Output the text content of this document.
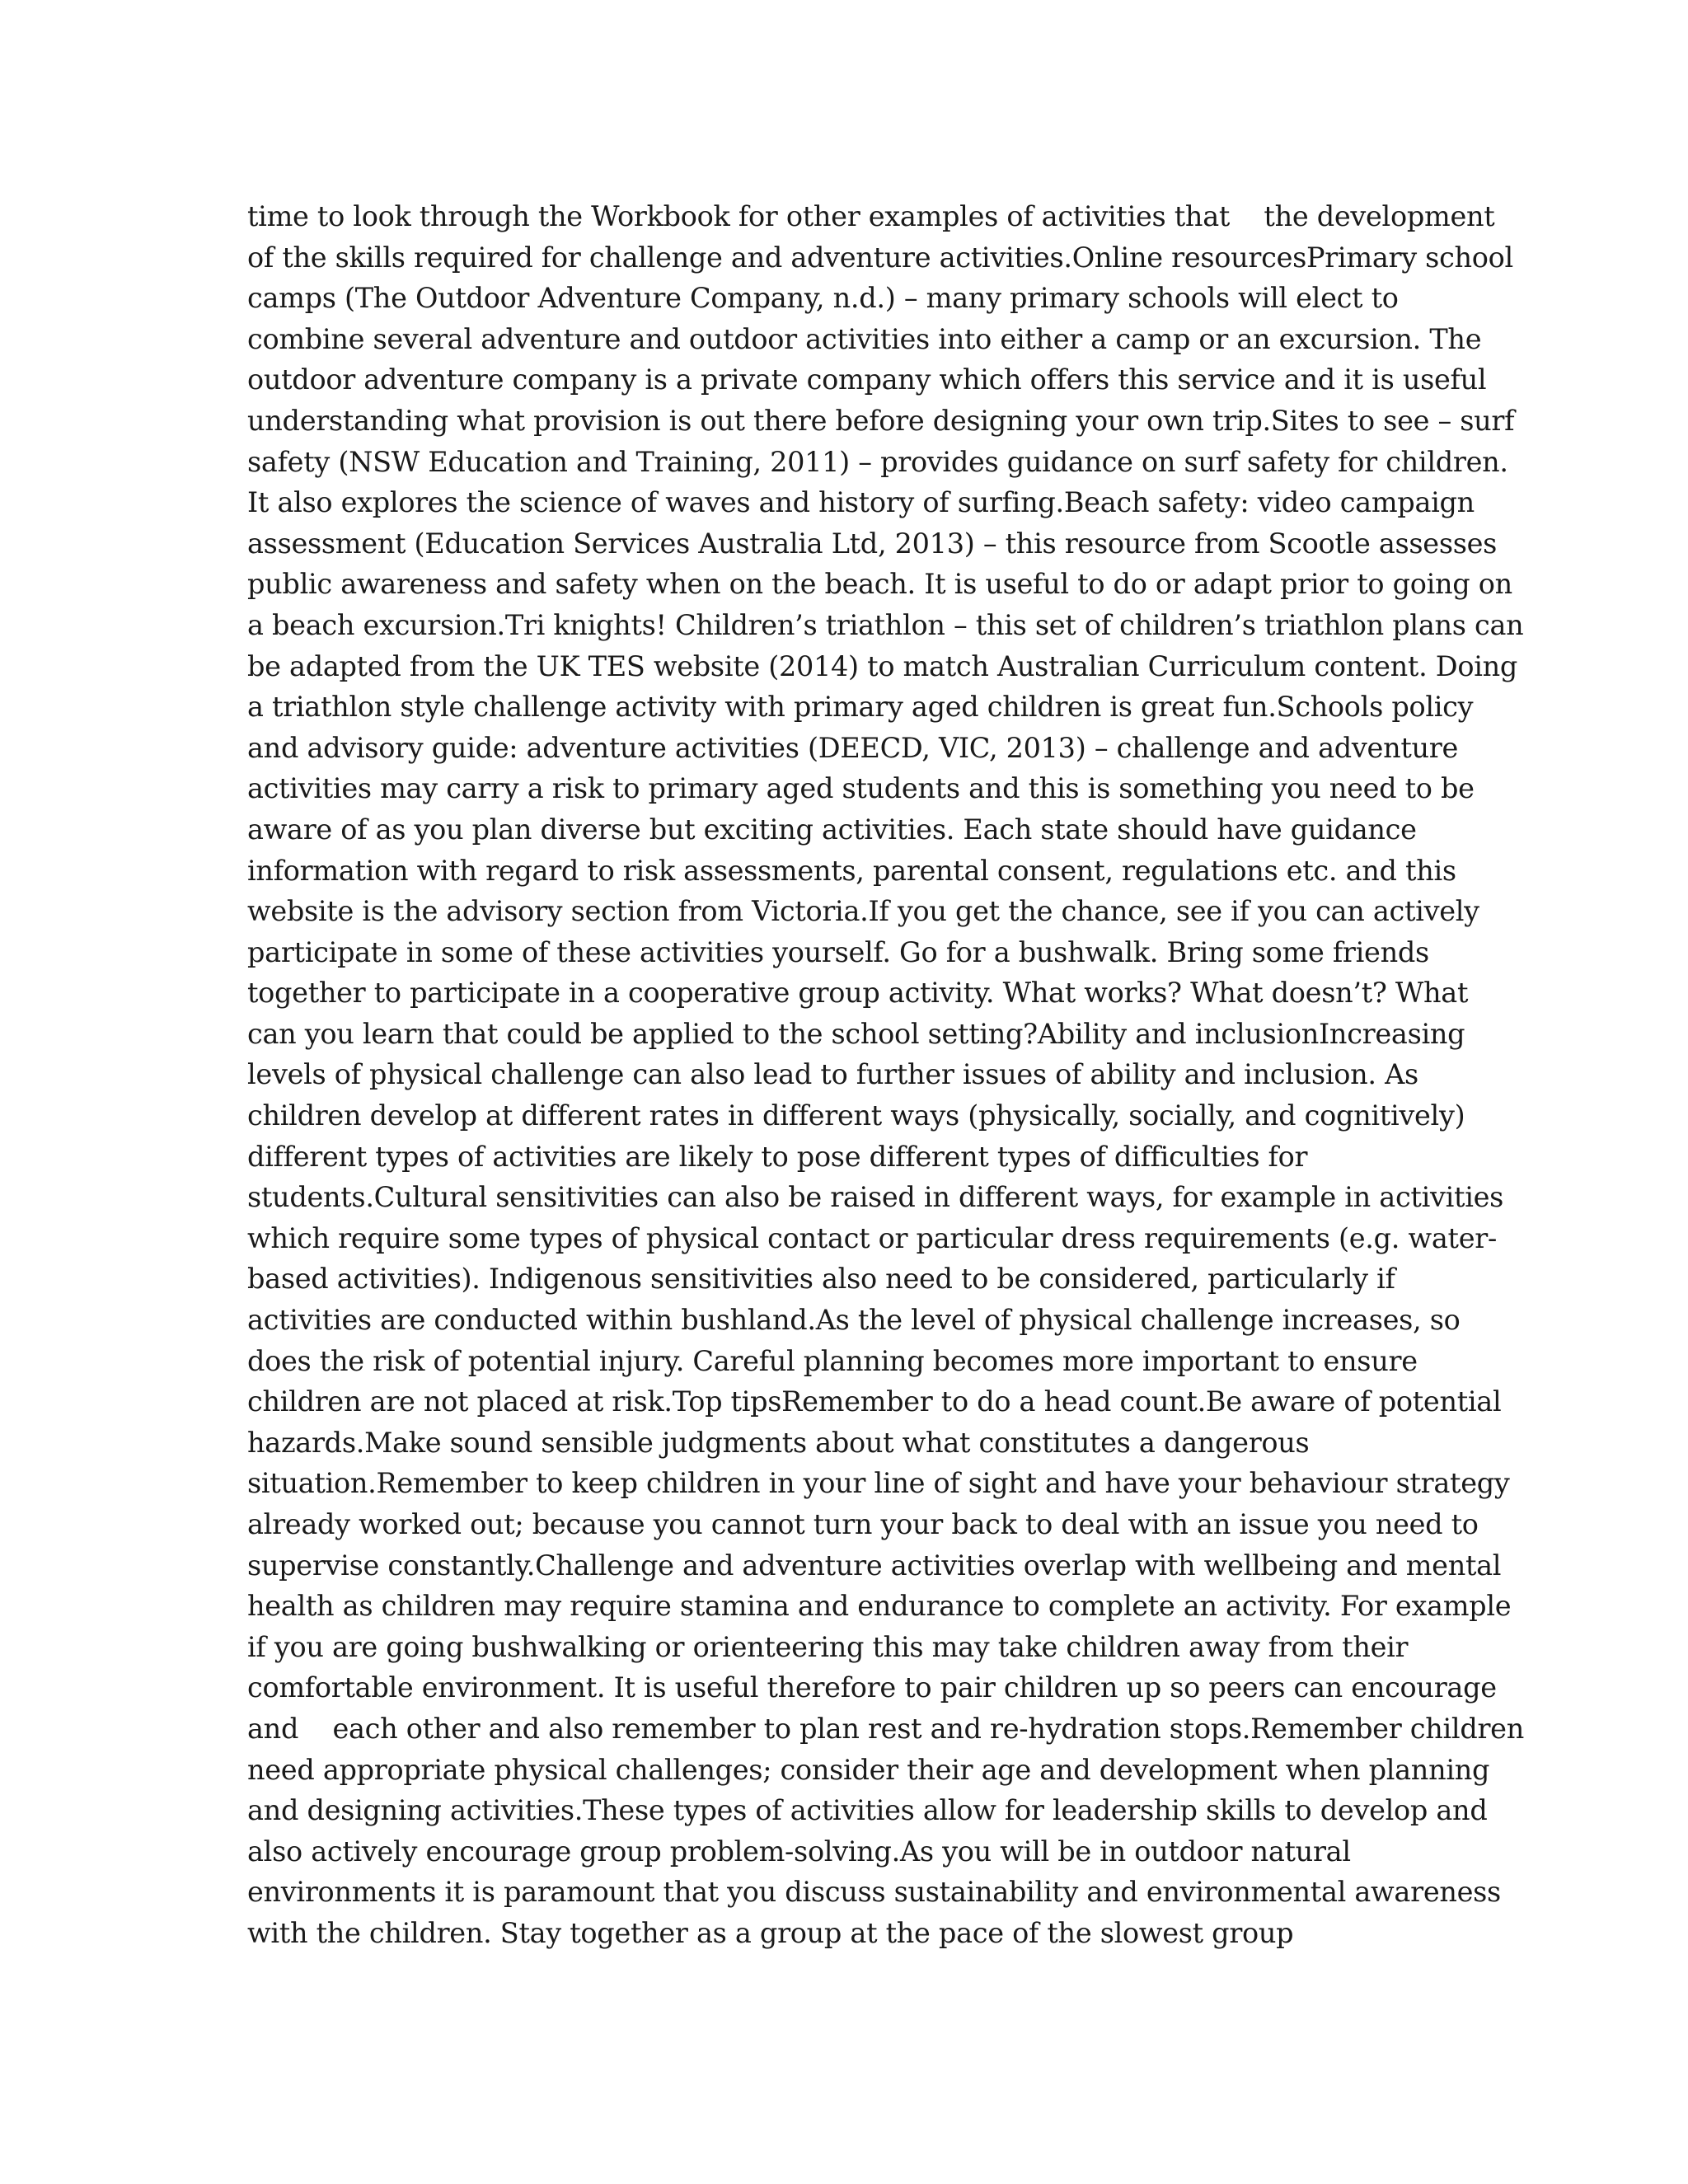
time to look through the Workbook for other examples of activities that    the development
of the skills required for challenge and adventure activities.Online resourcesPrimary school
camps (The Outdoor Adventure Company, n.d.) – many primary schools will elect to
combine several adventure and outdoor activities into either a camp or an excursion. The
outdoor adventure company is a private company which offers this service and it is useful
understanding what provision is out there before designing your own trip.Sites to see – surf
safety (NSW Education and Training, 2011) – provides guidance on surf safety for children.
It also explores the science of waves and history of surfing.Beach safety: video campaign
assessment (Education Services Australia Ltd, 2013) – this resource from Scootle assesses
public awareness and safety when on the beach. It is useful to do or adapt prior to going on
a beach excursion.Tri knights! Children’s triathlon – this set of children’s triathlon plans can
be adapted from the UK TES website (2014) to match Australian Curriculum content. Doing
a triathlon style challenge activity with primary aged children is great fun.Schools policy
and advisory guide: adventure activities (DEECD, VIC, 2013) – challenge and adventure
activities may carry a risk to primary aged students and this is something you need to be
aware of as you plan diverse but exciting activities. Each state should have guidance
information with regard to risk assessments, parental consent, regulations etc. and this
website is the advisory section from Victoria.If you get the chance, see if you can actively
participate in some of these activities yourself. Go for a bushwalk. Bring some friends
together to participate in a cooperative group activity. What works? What doesn’t? What
can you learn that could be applied to the school setting?Ability and inclusionIncreasing
levels of physical challenge can also lead to further issues of ability and inclusion. As
children develop at different rates in different ways (physically, socially, and cognitively)
different types of activities are likely to pose different types of difficulties for
students.Cultural sensitivities can also be raised in different ways, for example in activities
which require some types of physical contact or particular dress requirements (e.g. water-
based activities). Indigenous sensitivities also need to be considered, particularly if
activities are conducted within bushland.As the level of physical challenge increases, so
does the risk of potential injury. Careful planning becomes more important to ensure
children are not placed at risk.Top tipsRemember to do a head count.Be aware of potential
hazards.Make sound sensible judgments about what constitutes a dangerous
situation.Remember to keep children in your line of sight and have your behaviour strategy
already worked out; because you cannot turn your back to deal with an issue you need to
supervise constantly.Challenge and adventure activities overlap with wellbeing and mental
health as children may require stamina and endurance to complete an activity. For example
if you are going bushwalking or orienteering this may take children away from their
comfortable environment. It is useful therefore to pair children up so peers can encourage
and    each other and also remember to plan rest and re-hydration stops.Remember children
need appropriate physical challenges; consider their age and development when planning
and designing activities.These types of activities allow for leadership skills to develop and
also actively encourage group problem-solving.As you will be in outdoor natural
environments it is paramount that you discuss sustainability and environmental awareness
with the children. Stay together as a group at the pace of the slowest group
